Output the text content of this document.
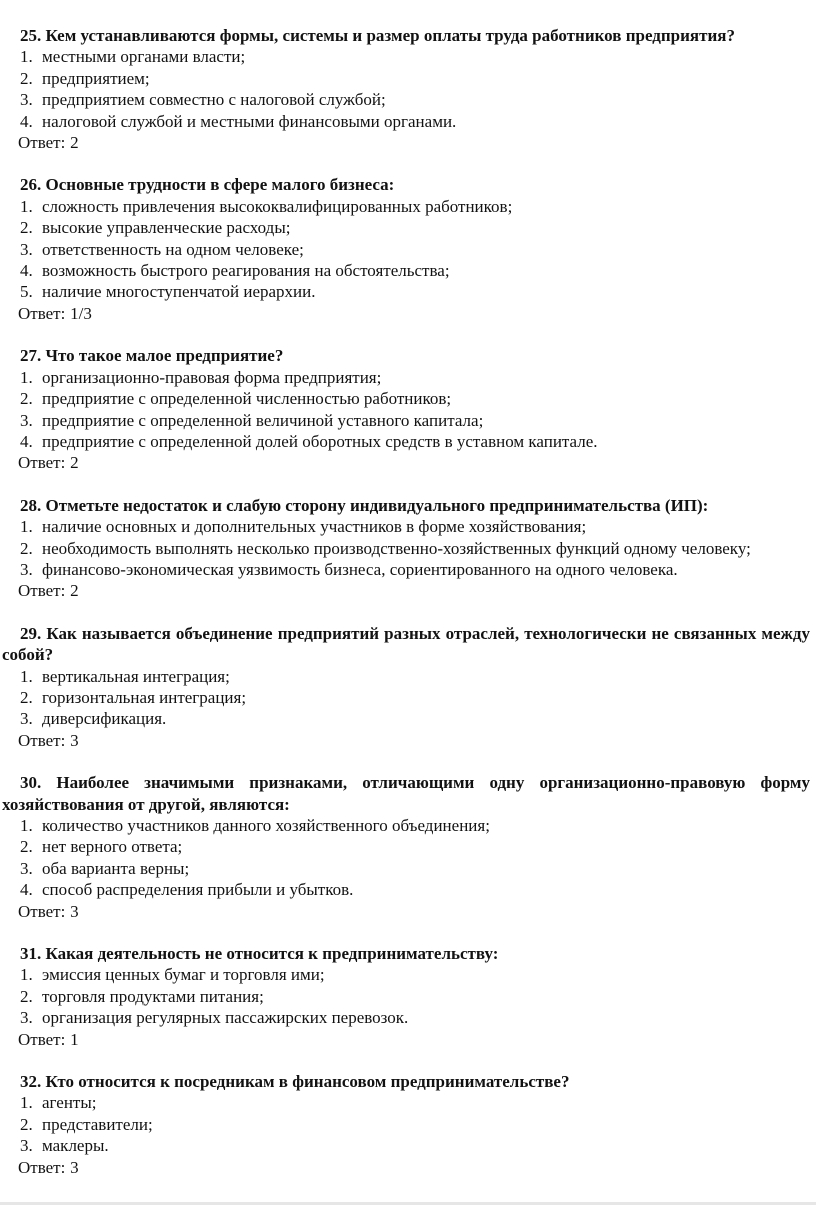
25. Кем устанавливаются формы, системы и размер оплаты труда работников предприятия?

1. местными органами власти;

2. предприятием;

3. предприятием совместно с налоговой службой;

4. налоговой службой и местными финансовыми органами.

Ответ: 2

26. Основные трудности в сфере малого бизнеса:

1. сложность привлечения высококвалифицированных работников;

2. высокие управленческие расходы;

3. ответственность на одном человеке;

4. возможность быстрого реагирования на обстоятельства;

5. наличие многоступенчатой иерархии.

Ответ: 1/3

27. Что такое малое предприятие?

1. организационно-правовая форма предприятия;

2. предприятие с определенной численностью работников;

3. предприятие с определенной величиной уставного капитала;

4. предприятие с определенной долей оборотных средств в уставном капитале.

Ответ: 2

28. Отметьте недостаток и слабую сторону индивидуального предпринимательства (ИП):

1. наличие основных и дополнительных участников в форме хозяйствования;

2. необходимость выполнять несколько производственно-хозяйственных функций одному человеку;

3. финансово-экономическая уязвимость бизнеса, сориентированного на одного человека.

Ответ: 2

29. Как называется объединение предприятий разных отраслей, технологически не связанных между собой?

1. вертикальная интеграция;

2. горизонтальная интеграция;

3. диверсификация.

Ответ: 3

30. Наиболее значимыми признаками, отличающими одну организационно-правовую форму хозяйствования от другой, являются:

1. количество участников данного хозяйственного объединения;

2. нет верного ответа;

3. оба варианта верны;

4. способ распределения прибыли и убытков.

Ответ: 3

31. Какая деятельность не относится к предпринимательству:

1. эмиссия ценных бумаг и торговля ими;

2. торговля продуктами питания;

3. организация регулярных пассажирских перевозок.

Ответ: 1

32. Кто относится к посредникам в финансовом предпринимательстве?

1. агенты;

2. представители;

3. маклеры.

Ответ: 3
